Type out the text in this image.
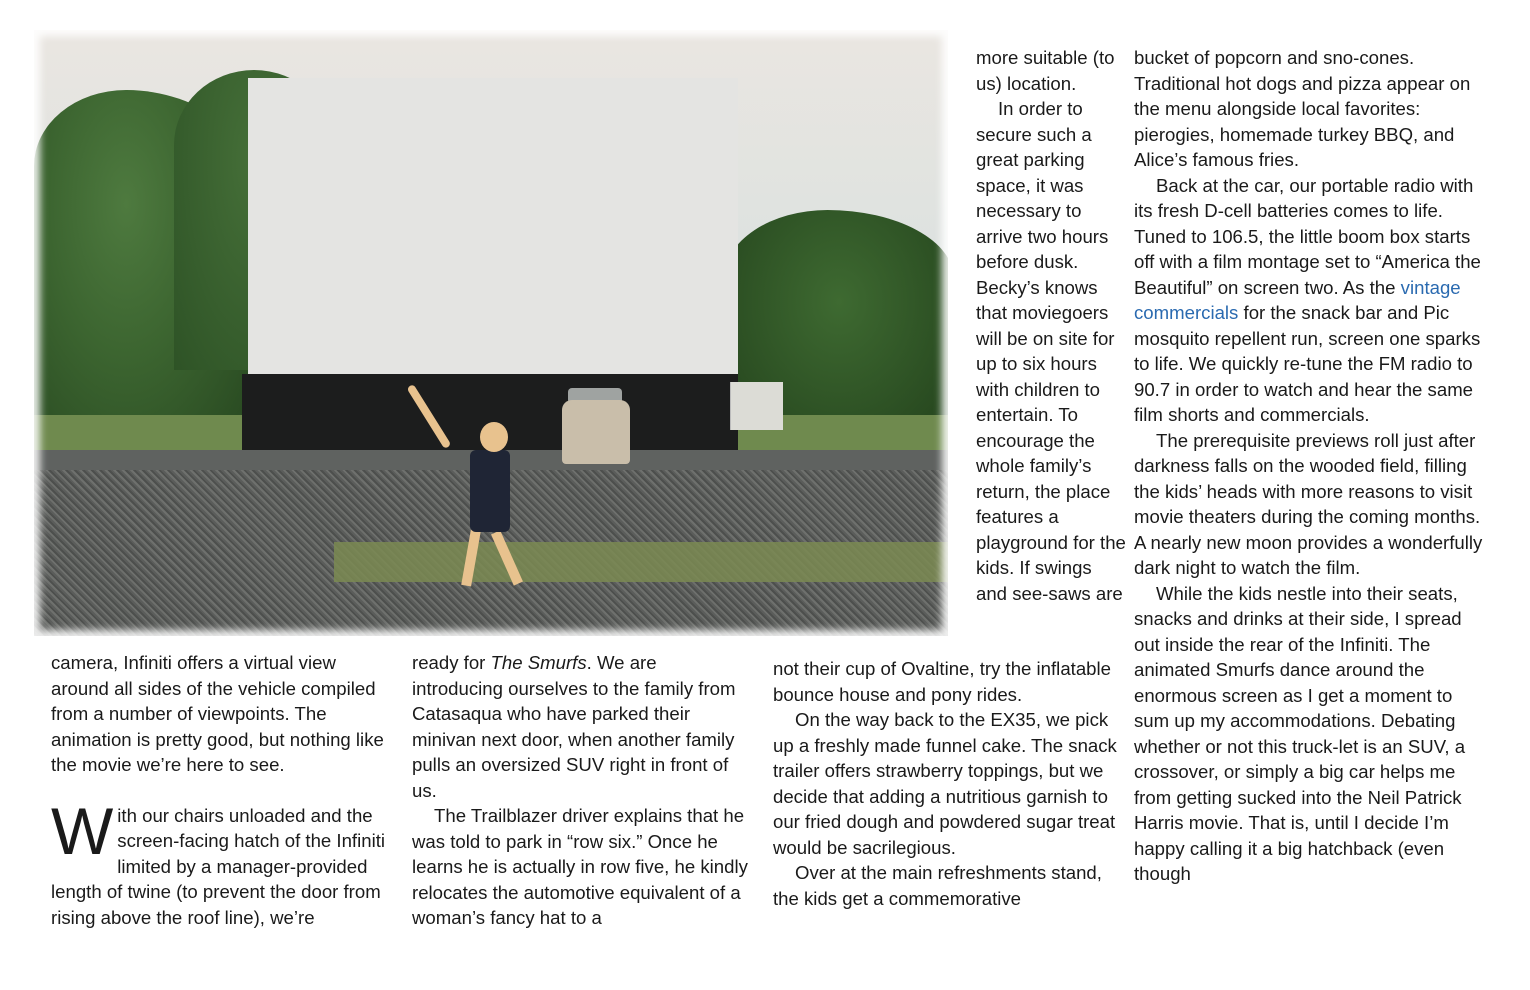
camera, Infiniti offers a virtual view around all sides of the vehicle compiled from a number of viewpoints. The animation is pretty good, but nothing like the movie we’re here to see.

With our chairs unloaded and the screen-facing hatch of the Infiniti limited by a manager-provided length of twine (to prevent the door from rising above the roof line), we’re

ready for The Smurfs. We are introducing ourselves to the family from Catasaqua who have parked their minivan next door, when another family pulls an oversized SUV right in front of us.

The Trailblazer driver explains that he was told to park in “row six.” Once he learns he is actually in row five, he kindly relocates the automotive equivalent of a woman’s fancy hat to a

more suitable (to us) location.

In order to secure such a great parking space, it was necessary to arrive two hours before dusk. Becky’s knows that moviegoers will be on site for up to six hours with children to entertain. To encourage the whole family’s return, the place features a playground for the kids. If swings and see-saws are

not their cup of Ovaltine, try the inflatable bounce house and pony rides.

On the way back to the EX35, we pick up a freshly made funnel cake. The snack trailer offers strawberry toppings, but we decide that adding a nutritious garnish to our fried dough and powdered sugar treat would be sacrilegious.

Over at the main refreshments stand, the kids get a commemorative

bucket of popcorn and sno-cones. Traditional hot dogs and pizza appear on the menu alongside local favorites: pierogies, homemade turkey BBQ, and Alice’s famous fries.

Back at the car, our portable radio with its fresh D-cell batteries comes to life. Tuned to 106.5, the little boom box starts off with a film montage set to “America the Beautiful” on screen two. As the vintage commercials for the snack bar and Pic mosquito repellent run, screen one sparks to life. We quickly re-tune the FM radio to 90.7 in order to watch and hear the same film shorts and commercials.

The prerequisite previews roll just after darkness falls on the wooded field, filling the kids’ heads with more reasons to visit movie theaters during the coming months. A nearly new moon provides a wonderfully dark night to watch the film.

While the kids nestle into their seats, snacks and drinks at their side, I spread out inside the rear of the Infiniti. The animated Smurfs dance around the enormous screen as I get a moment to sum up my accommodations. Debating whether or not this truck-let is an SUV, a crossover, or simply a big car helps me from getting sucked into the Neil Patrick Harris movie. That is, until I decide I’m happy calling it a big hatchback (even though
